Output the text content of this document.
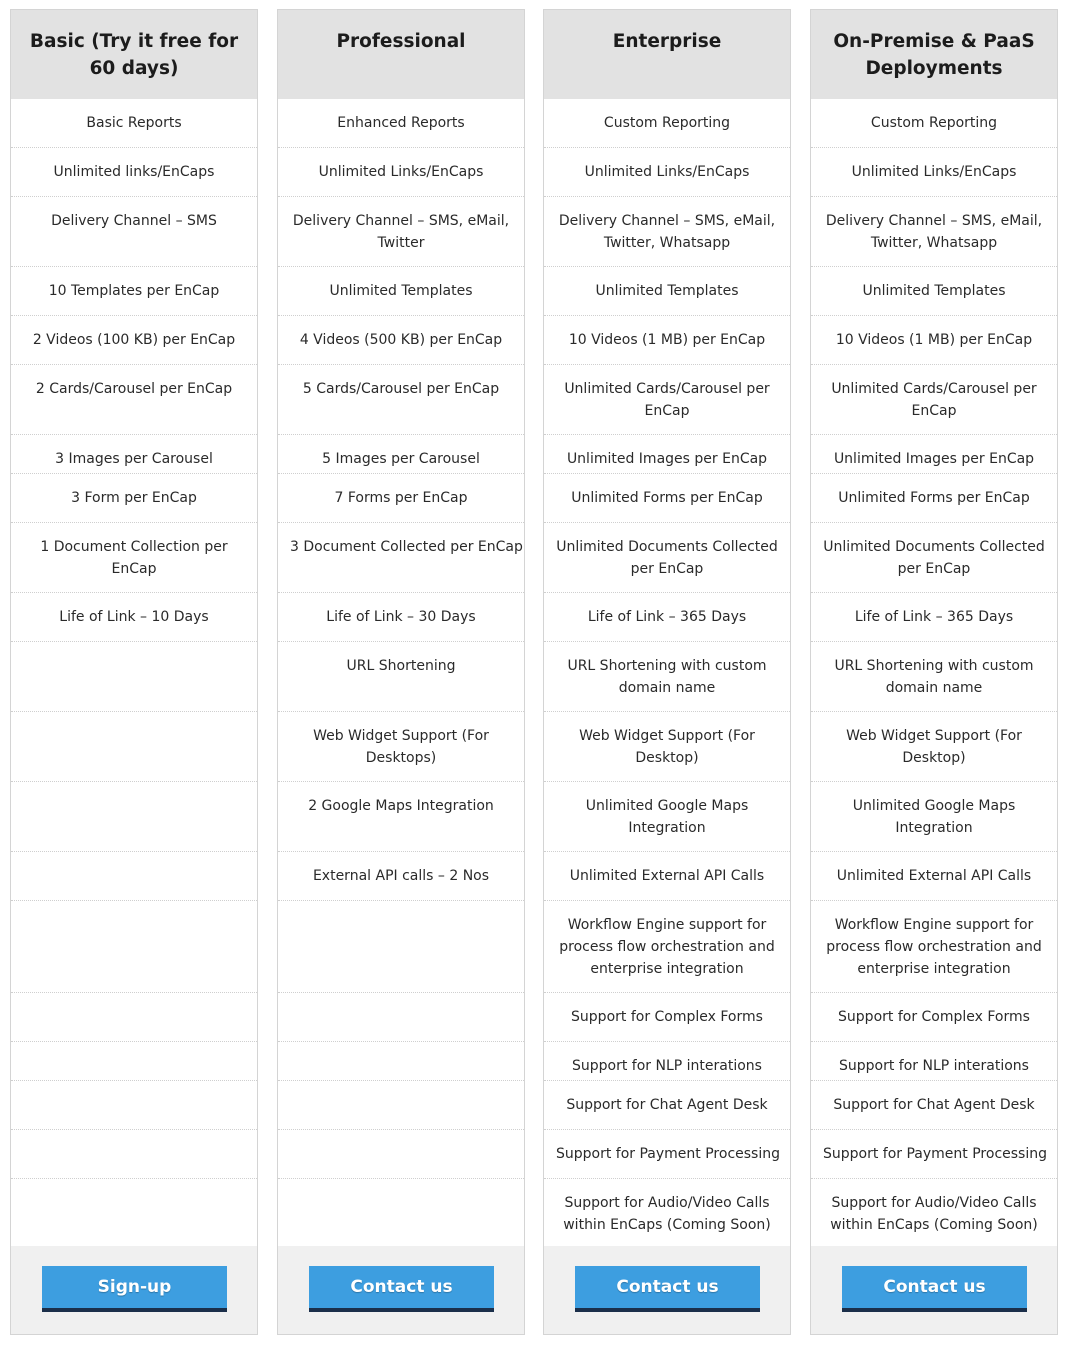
Basic (Try it free for
60 days)
Basic Reports
Unlimited links/EnCaps
Delivery Channel – SMS
10 Templates per EnCap
2 Videos (100 KB) per EnCap
2 Cards/Carousel per EnCap
3 Images per Carousel
3 Form per EnCap
1 Document Collection per
EnCap
Life of Link – 10 Days
Sign-up
Professional
Enhanced Reports
Unlimited Links/EnCaps
Delivery Channel – SMS, eMail,
Twitter
Unlimited Templates
4 Videos (500 KB) per EnCap
5 Cards/Carousel per EnCap
5 Images per Carousel
7 Forms per EnCap
3 Document Collected per EnCap
Life of Link – 30 Days
URL Shortening
Web Widget Support (For
Desktops)
2 Google Maps Integration
External API calls – 2 Nos
Contact us
Enterprise
Custom Reporting
Unlimited Links/EnCaps
Delivery Channel – SMS, eMail,
Twitter, Whatsapp
Unlimited Templates
10 Videos (1 MB) per EnCap
Unlimited Cards/Carousel per
EnCap
Unlimited Images per EnCap
Unlimited Forms per EnCap
Unlimited Documents Collected
per EnCap
Life of Link – 365 Days
URL Shortening with custom
domain name
Web Widget Support (For
Desktop)
Unlimited Google Maps
Integration
Unlimited External API Calls
Workflow Engine support for
process flow orchestration and
enterprise integration
Support for Complex Forms
Support for NLP interations
Support for Chat Agent Desk
Support for Payment Processing
Support for Audio/Video Calls
within EnCaps (Coming Soon)
Contact us
On-Premise & PaaS
Deployments
Custom Reporting
Unlimited Links/EnCaps
Delivery Channel – SMS, eMail,
Twitter, Whatsapp
Unlimited Templates
10 Videos (1 MB) per EnCap
Unlimited Cards/Carousel per
EnCap
Unlimited Images per EnCap
Unlimited Forms per EnCap
Unlimited Documents Collected
per EnCap
Life of Link – 365 Days
URL Shortening with custom
domain name
Web Widget Support (For
Desktop)
Unlimited Google Maps
Integration
Unlimited External API Calls
Workflow Engine support for
process flow orchestration and
enterprise integration
Support for Complex Forms
Support for NLP interations
Support for Chat Agent Desk
Support for Payment Processing
Support for Audio/Video Calls
within EnCaps (Coming Soon)
Contact us
